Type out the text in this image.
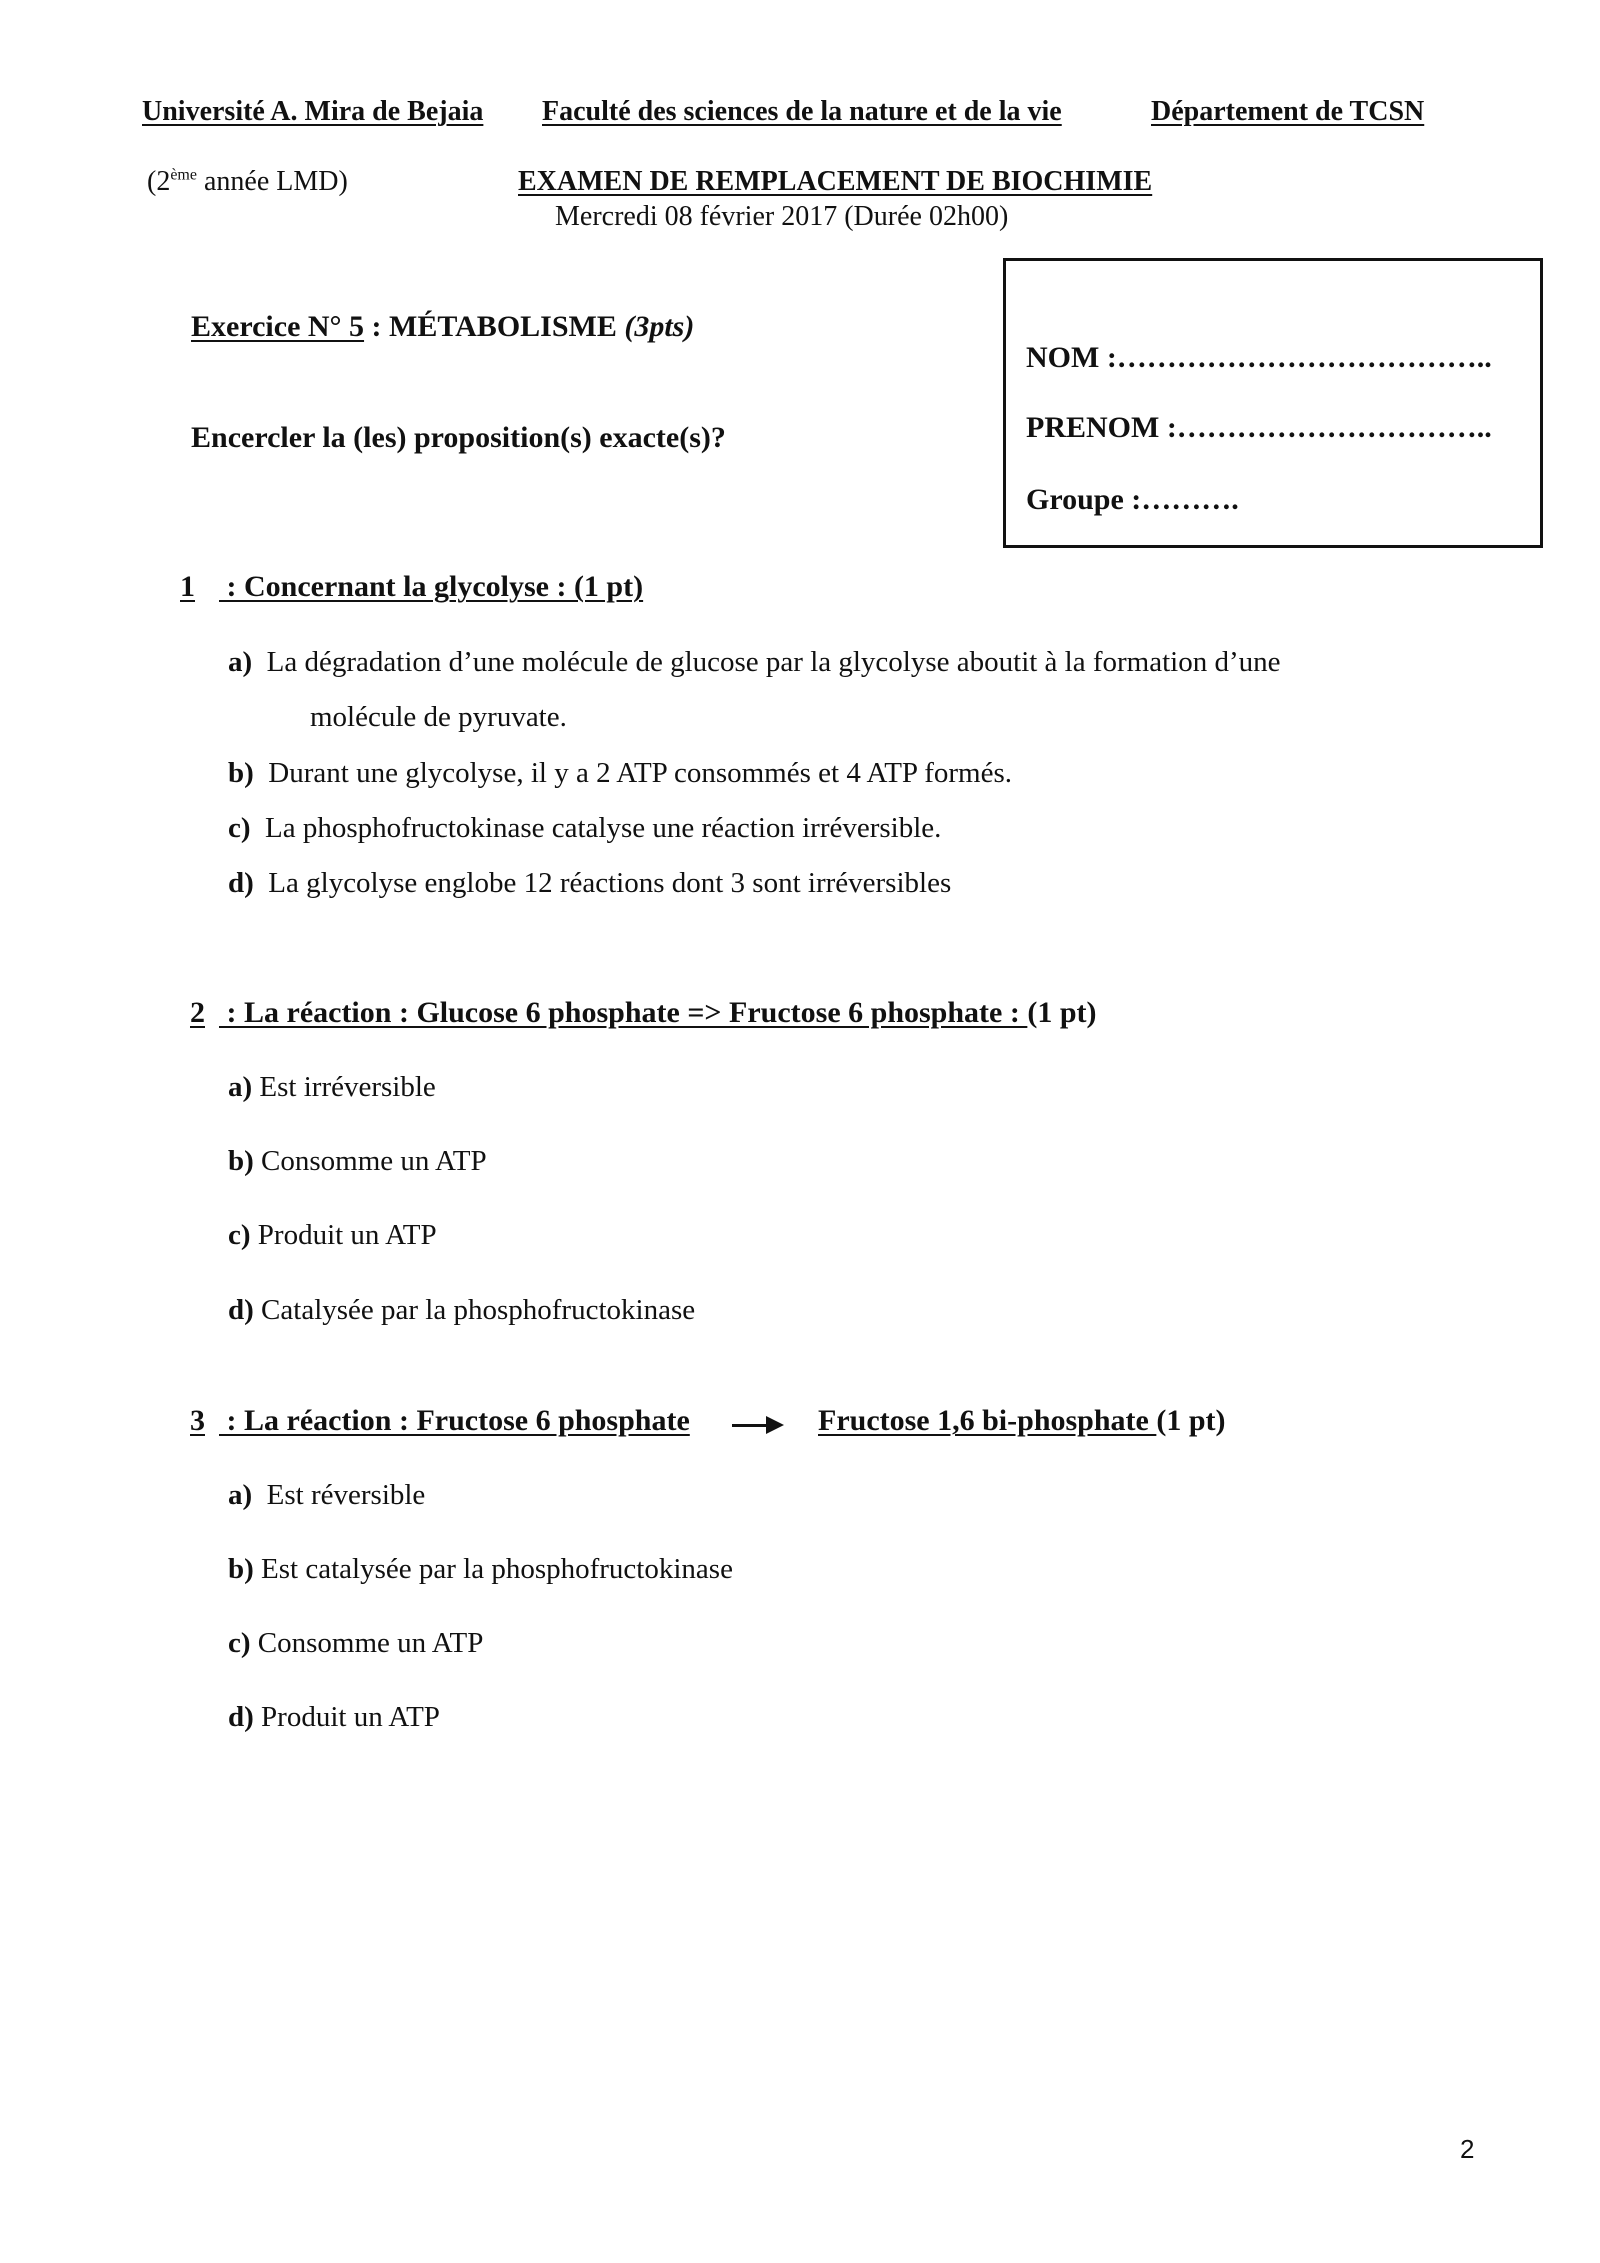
Université A. Mira de Bejaia Faculté des sciences de la nature et de la vie	Département de TCSN
(2ème année LMD)	EXAMEN DE REMPLACEMENT DE BIOCHIMIE
Mercredi 08 février 2017 (Durée 02h00)
Exercice N° 5 : MÉTABOLISME (3pts)
Encercler la (les) proposition(s) exacte(s)?
NOM :………………………………..
PRENOM :…………………………..
Groupe :……….
1 : Concernant la glycolyse : (1 pt)
a) La dégradation d’une molécule de glucose par la glycolyse aboutit à la formation d’une
molécule de pyruvate.
b) Durant une glycolyse, il y a 2 ATP consommés et 4 ATP formés.
c) La phosphofructokinase catalyse une réaction irréversible.
d) La glycolyse englobe 12 réactions dont 3 sont irréversibles
2 : La réaction : Glucose 6 phosphate => Fructose 6 phosphate : (1 pt)
a) Est irréversible
b) Consomme un ATP
c) Produit un ATP
d) Catalysée par la phosphofructokinase
3 : La réaction : Fructose 6 phosphate	Fructose 1,6 bi-phosphate (1 pt)
a)  Est réversible
b) Est catalysée par la phosphofructokinase
c) Consomme un ATP
d) Produit un ATP
2
